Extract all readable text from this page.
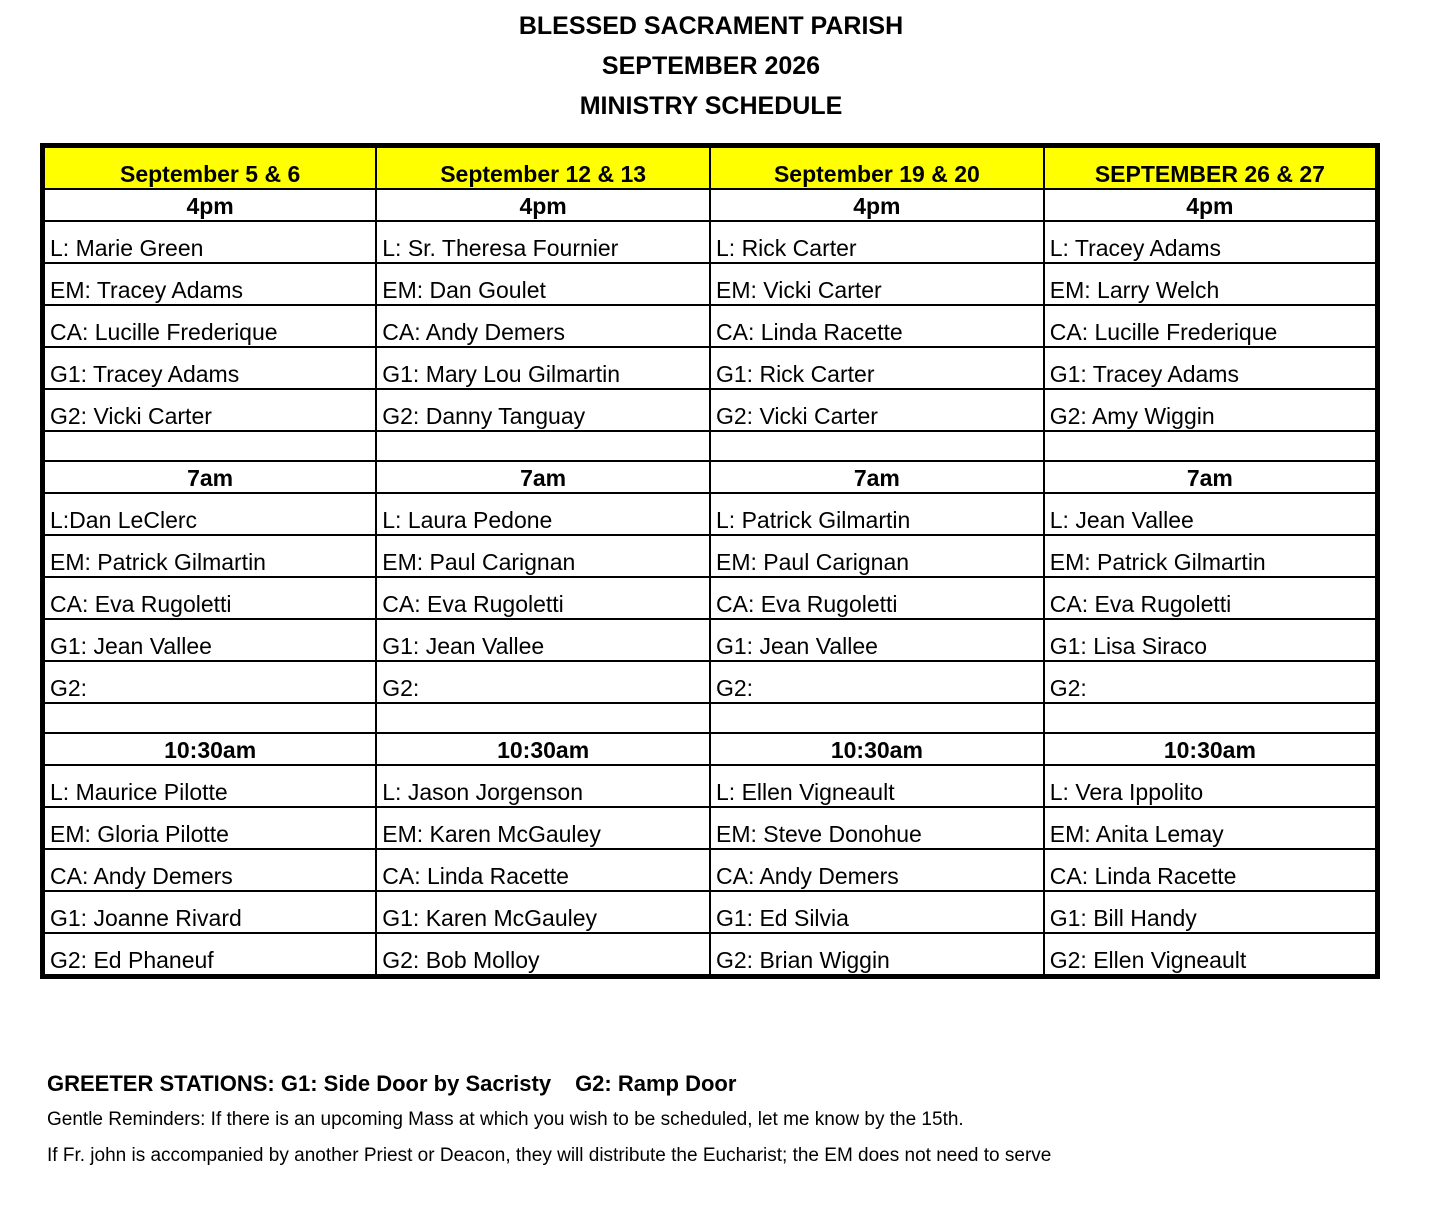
BLESSED SACRAMENT PARISH
SEPTEMBER 2026
MINISTRY SCHEDULE
September 5 & 6	September 12 & 13	September 19 & 20	SEPTEMBER 26 & 27
4pm	4pm	4pm	4pm
L: Marie Green	L: Sr. Theresa Fournier	L: Rick Carter	L: Tracey Adams
EM: Tracey Adams	EM: Dan Goulet	EM: Vicki Carter	EM: Larry Welch
CA: Lucille Frederique	CA: Andy Demers	CA: Linda Racette	CA: Lucille Frederique
G1: Tracey Adams	G1: Mary Lou Gilmartin	G1: Rick Carter	G1: Tracey Adams
G2: Vicki Carter	G2: Danny Tanguay	G2: Vicki Carter	G2: Amy Wiggin

7am	7am	7am	7am
L:Dan LeClerc	L: Laura Pedone	L: Patrick Gilmartin	L: Jean Vallee
EM: Patrick Gilmartin	EM: Paul Carignan	EM: Paul Carignan	EM: Patrick Gilmartin
CA: Eva Rugoletti	CA: Eva Rugoletti	CA: Eva Rugoletti	CA: Eva Rugoletti
G1: Jean Vallee	G1: Jean Vallee	G1: Jean Vallee	G1: Lisa Siraco
G2:	G2:	G2:	G2:

10:30am	10:30am	10:30am	10:30am
L: Maurice Pilotte	L: Jason Jorgenson	L: Ellen Vigneault	L: Vera Ippolito
EM: Gloria Pilotte	EM: Karen McGauley	EM: Steve Donohue	EM: Anita Lemay
CA: Andy Demers	CA: Linda Racette	CA: Andy Demers	CA: Linda Racette
G1: Joanne Rivard	G1: Karen McGauley	G1: Ed Silvia	G1: Bill Handy
G2: Ed Phaneuf	G2: Bob Molloy	G2: Brian Wiggin	G2: Ellen Vigneault
GREETER STATIONS: G1: Side Door by Sacristy G2: Ramp Door
Gentle Reminders: If there is an upcoming Mass at which you wish to be scheduled, let me know by the 15th.
If Fr. john is accompanied by another Priest or Deacon, they will distribute the Eucharist; the EM does not need to serve
